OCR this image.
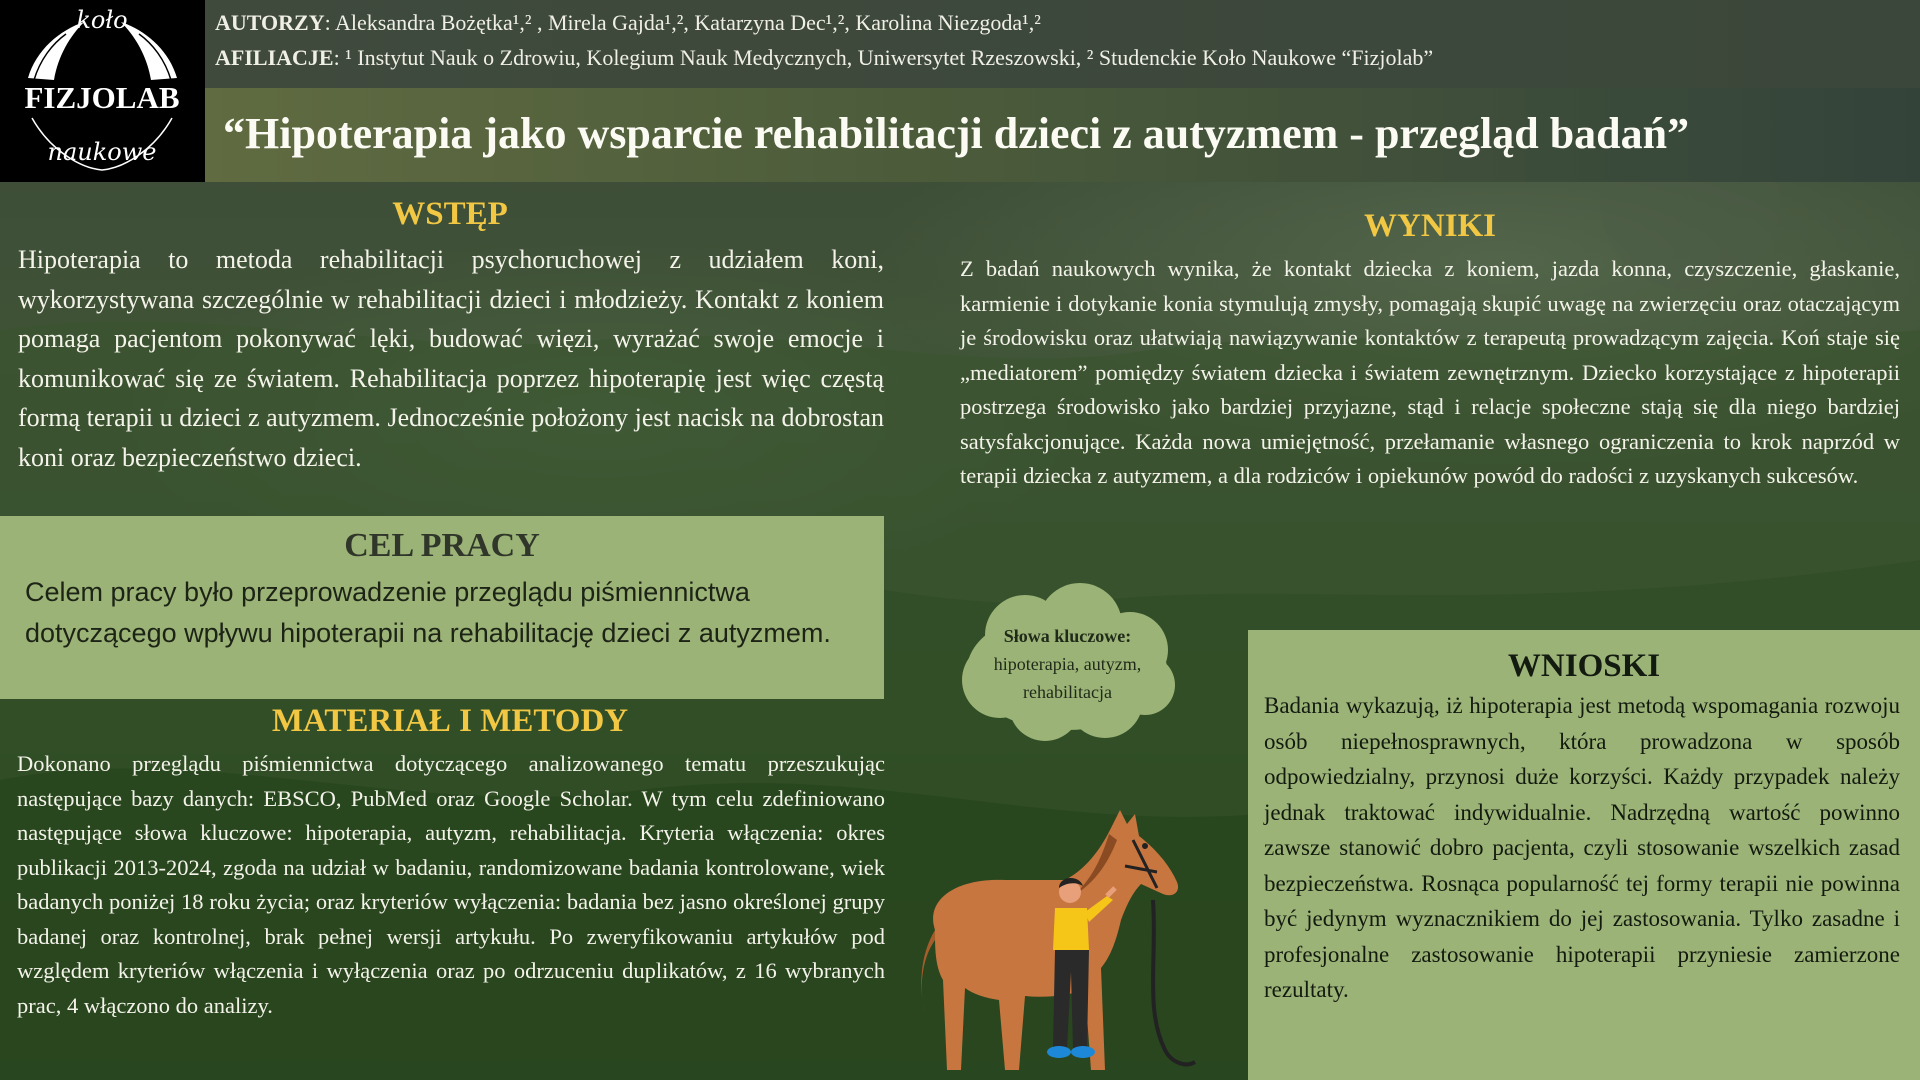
koło
FIZJOLAB
naukowe

AUTORZY: Aleksandra Bożętka¹,² , Mirela Gajda¹,², Katarzyna Dec¹,², Karolina Niezgoda¹,²

AFILIACJE: ¹ Instytut Nauk o Zdrowiu, Kolegium Nauk Medycznych, Uniwersytet Rzeszowski, ² Studenckie Koło Naukowe “Fizjolab”

“Hipoterapia jako wsparcie rehabilitacji dzieci z autyzmem - przegląd badań”
WSTĘP

Hipoterapia to metoda rehabilitacji psychoruchowej z udziałem koni, wykorzystywana szczególnie w rehabilitacji dzieci i młodzieży. Kontakt z koniem pomaga pacjentom pokonywać lęki, budować więzi, wyrażać swoje emocje i komunikować się ze światem. Rehabilitacja poprzez hipoterapię jest więc częstą formą terapii u dzieci z autyzmem. Jednocześnie położony jest nacisk na dobrostan koni oraz bezpieczeństwo dzieci.

CEL PRACY

Celem pracy było przeprowadzenie przeglądu piśmiennictwa dotyczącego wpływu hipoterapii na rehabilitację dzieci z autyzmem.

MATERIAŁ I METODY

Dokonano przeglądu piśmiennictwa dotyczącego analizowanego tematu przeszukując następujące bazy danych: EBSCO, PubMed oraz Google Scholar. W tym celu zdefiniowano następujące słowa kluczowe: hipoterapia, autyzm, rehabilitacja. Kryteria włączenia: okres publikacji 2013-2024, zgoda na udział w badaniu, randomizowane badania kontrolowane, wiek badanych poniżej 18 roku życia; oraz kryteriów wyłączenia: badania bez jasno określonej grupy badanej oraz kontrolnej, brak pełnej wersji artykułu. Po zweryfikowaniu artykułów pod względem kryteriów włączenia i wyłączenia oraz po odrzuceniu duplikatów, z 16 wybranych prac, 4 włączono do analizy.

WYNIKI

Z badań naukowych wynika, że kontakt dziecka z koniem, jazda konna, czyszczenie, głaskanie, karmienie i dotykanie konia stymulują zmysły, pomagają skupić uwagę na zwierzęciu oraz otaczającym je środowisku oraz ułatwiają nawiązywanie kontaktów z terapeutą prowadzącym zajęcia. Koń staje się „mediatorem” pomiędzy światem dziecka i światem zewnętrznym. Dziecko korzystające z hipoterapii postrzega środowisko jako bardziej przyjazne, stąd i relacje społeczne stają się dla niego bardziej satysfakcjonujące. Każda nowa umiejętność, przełamanie własnego ograniczenia to krok naprzód w terapii dziecka z autyzmem, a dla rodziców i opiekunów powód do radości z uzyskanych sukcesów.

Słowa kluczowe:
hipoterapia, autyzm,
rehabilitacja
WNIOSKI

Badania wykazują, iż hipoterapia jest metodą wspomagania rozwoju osób niepełnosprawnych, która prowadzona w sposób odpowiedzialny, przynosi duże korzyści. Każdy przypadek należy jednak traktować indywidualnie. Nadrzędną wartość powinno zawsze stanowić dobro pacjenta, czyli stosowanie wszelkich zasad bezpieczeństwa. Rosnąca popularność tej formy terapii nie powinna być jedynym wyznacznikiem do jej zastosowania. Tylko zasadne i profesjonalne zastosowanie hipoterapii przyniesie zamierzone rezultaty.
